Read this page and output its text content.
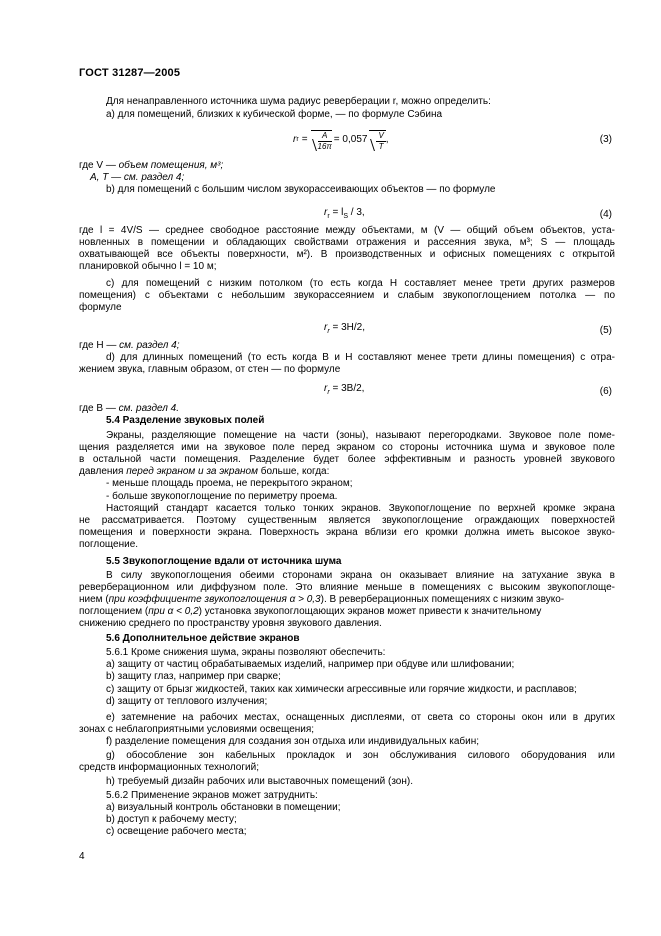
ГОСТ 31287—2005
Для ненаправленного источника шума радиус реверберации r, можно определить:
а) для помещений, близких к кубической форме, — по формуле Сэбина
r $r = \frac{A}{16\pi} = 0,057 \frac{V}{T}$ ,	(3)
где V — объем помещения, м³;
A, T — см. раздел 4;
b) для помещений с большим числом звукорассеивающих объектов — по формуле
$r_r = l_S / 3$,	(4)
где l = 4V/S — среднее свободное расстояние между объектами, м (V — общий объем объектов, уста-
новленных в помещении и обладающих свойствами отражения и рассеяния звука, м³; S — площадь
охватывающей все объекты поверхности, м²). В производственных и офисных помещениях с открытой
планировкой обычно l = 10 м;
с) для помещений с низким потолком (то есть когда H составляет менее трети других размеров
помещения) с объектами с небольшим звукорассеянием и слабым звукопоглощением потолка — по
формуле
$r_r = 3H/2$,	(5)
где H — см. раздел 4;
d) для длинных помещений (то есть когда B и H составляют менее трети длины помещения) с отра-
жением звука, главным образом, от стен — по формуле
$r_r = 3B/2$,	(6)
где B — см. раздел 4.
5.4 Разделение звуковых полей
Экраны, разделяющие помещение на части (зоны), называют перегородками. Звуковое поле поме-
щения разделяется ими на звуковое поле перед экраном со стороны источника шума и звуковое поле
в остальной части помещения. Разделение будет более эффективным и разность уровней звукового
давления перед экраном и за экраном больше, когда:
- меньше площадь проема, не перекрытого экраном;
- больше звукопоглощение по периметру проема.
Настоящий стандарт касается только тонких экранов. Звукопоглощение по верхней кромке экрана
не рассматривается. Поэтому существенным является звукопоглощение ограждающих поверхностей
помещения и поверхности экрана. Поверхность экрана вблизи его кромки должна иметь высокое звуко-
поглощение.
5.5 Звукопоглощение вдали от источника шума
В силу звукопоглощения обеими сторонами экрана он оказывает влияние на затухание звука в
реверберационном или диффузном поле. Это влияние меньше в помещениях с высоким звукопоглоще-
нием (при коэффициенте звукопоглощения α > 0,3). В реверберационных помещениях с низким звуко-
поглощением (при α < 0,2) установка звукопоглощающих экранов может привести к значительному
снижению среднего по пространству уровня звукового давления.
5.6 Дополнительное действие экранов
5.6.1 Кроме снижения шума, экраны позволяют обеспечить:
а) защиту от частиц обрабатываемых изделий, например при обдуве или шлифовании;
b) защиту глаз, например при сварке;
с) защиту от брызг жидкостей, таких как химически агрессивные или горячие жидкости, и расплавов;
d) защиту от теплового излучения;
е) затемнение на рабочих местах, оснащенных дисплеями, от света со стороны окон или в других
зонах с неблагоприятными условиями освещения;
f) разделение помещения для создания зон отдыха или индивидуальных кабин;
g) обособление зон кабельных прокладок и зон обслуживания силового оборудования или
средств информационных технологий;
h) требуемый дизайн рабочих или выставочных помещений (зон).
5.6.2 Применение экранов может затруднить:
а) визуальный контроль обстановки в помещении;
b) доступ к рабочему месту;
с) освещение рабочего места;
4
